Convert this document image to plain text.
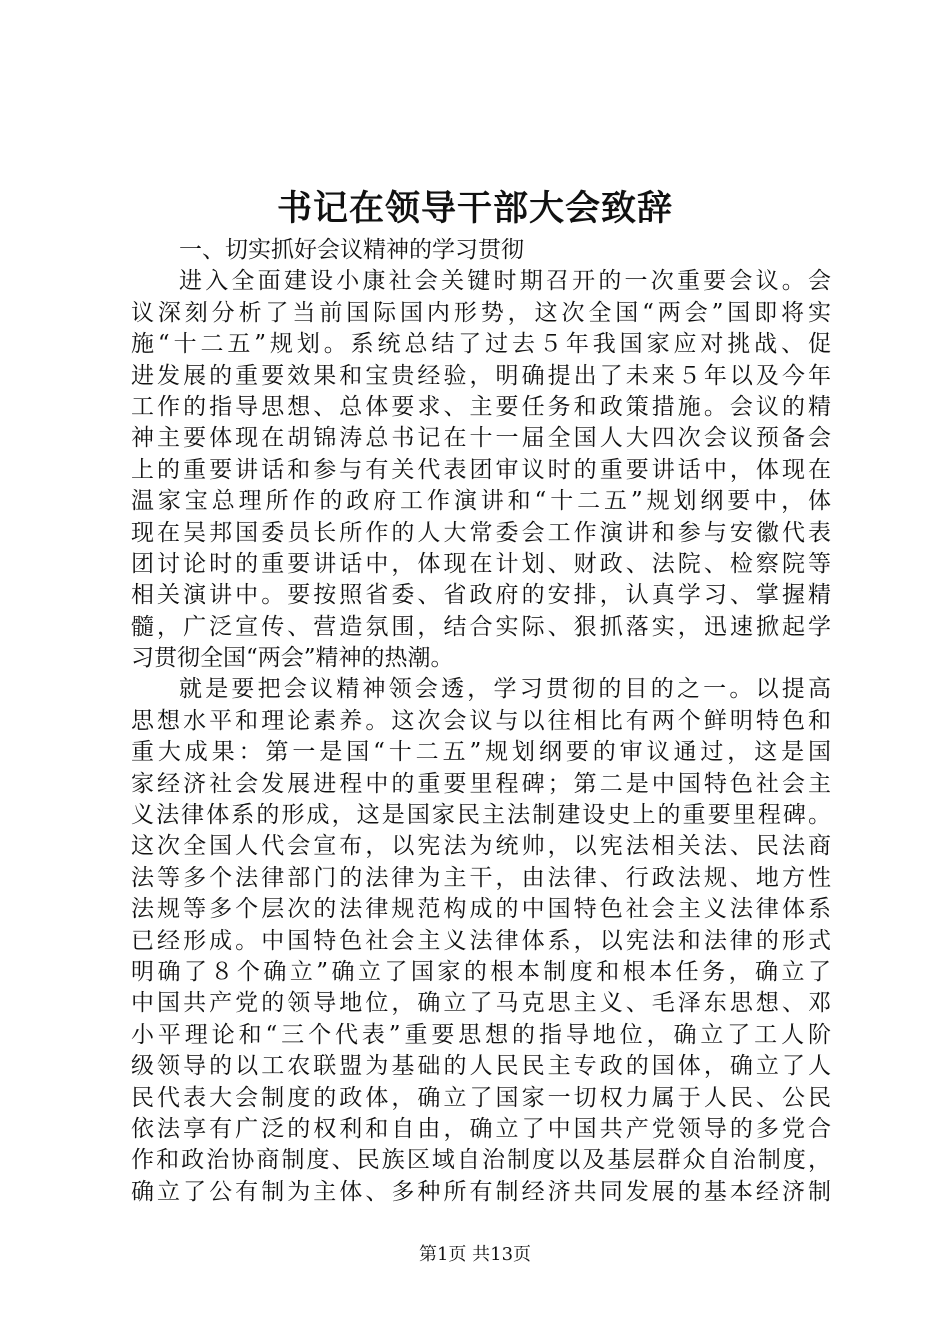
书记在领导干部大会致辞
一、切实抓好会议精神的学习贯彻
进入全面建设小康社会关键时期召开的一次重要会议。会
议深刻分析了当前国际国内形势，这次全国“两会”国即将实
施“十二五”规划。系统总结了过去５年我国家应对挑战、促
进发展的重要效果和宝贵经验，明确提出了未来５年以及今年
工作的指导思想、总体要求、主要任务和政策措施。会议的精
神主要体现在胡锦涛总书记在十一届全国人大四次会议预备会
上的重要讲话和参与有关代表团审议时的重要讲话中，体现在
温家宝总理所作的政府工作演讲和“十二五”规划纲要中，体
现在吴邦国委员长所作的人大常委会工作演讲和参与安徽代表
团讨论时的重要讲话中，体现在计划、财政、法院、检察院等
相关演讲中。要按照省委、省政府的安排，认真学习、掌握精
髓，广泛宣传、营造氛围，结合实际、狠抓落实，迅速掀起学
习贯彻全国“两会”精神的热潮。
就是要把会议精神领会透，学习贯彻的目的之一。以提高
思想水平和理论素养。这次会议与以往相比有两个鲜明特色和
重大成果：第一是国“十二五”规划纲要的审议通过，这是国
家经济社会发展进程中的重要里程碑；第二是中国特色社会主
义法律体系的形成，这是国家民主法制建设史上的重要里程碑。
这次全国人代会宣布，以宪法为统帅，以宪法相关法、民法商
法等多个法律部门的法律为主干，由法律、行政法规、地方性
法规等多个层次的法律规范构成的中国特色社会主义法律体系
已经形成。中国特色社会主义法律体系，以宪法和法律的形式
明确了８个确立”确立了国家的根本制度和根本任务，确立了
中国共产党的领导地位，确立了马克思主义、毛泽东思想、邓
小平理论和“三个代表”重要思想的指导地位，确立了工人阶
级领导的以工农联盟为基础的人民民主专政的国体，确立了人
民代表大会制度的政体，确立了国家一切权力属于人民、公民
依法享有广泛的权利和自由，确立了中国共产党领导的多党合
作和政治协商制度、民族区域自治制度以及基层群众自治制度，
确立了公有制为主体、多种所有制经济共同发展的基本经济制
第1页 共13页
